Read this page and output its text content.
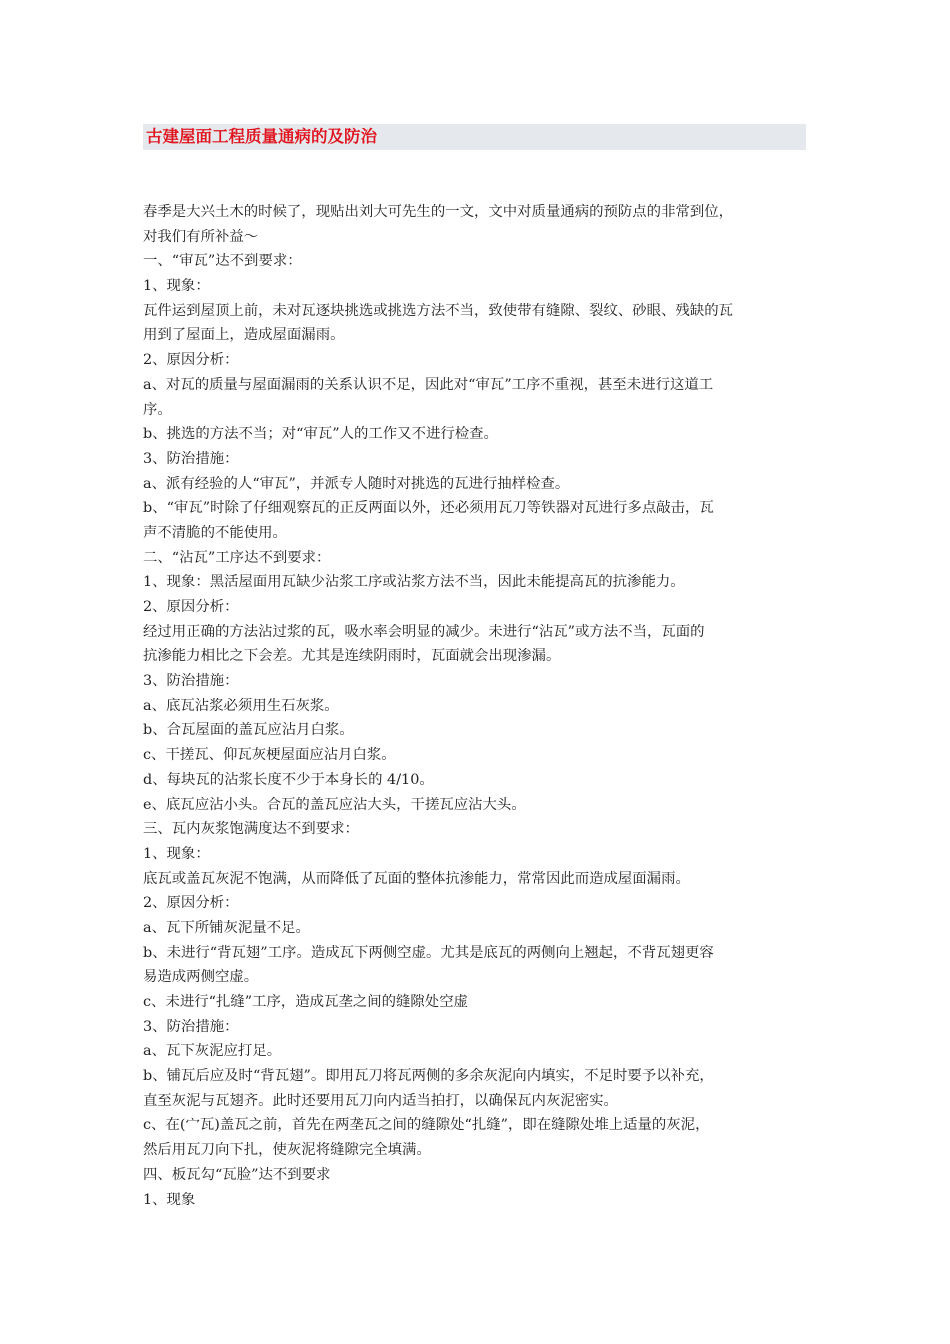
古建屋面工程质量通病的及防治
春季是大兴土木的时候了，现贴出刘大可先生的一文，文中对质量通病的预防点的非常到位，
对我们有所补益～
一、“审瓦”达不到要求：
1、现象：
瓦件运到屋顶上前，未对瓦逐块挑选或挑选方法不当，致使带有缝隙、裂纹、砂眼、残缺的瓦
用到了屋面上，造成屋面漏雨。
2、原因分析：
a、对瓦的质量与屋面漏雨的关系认识不足，因此对“审瓦”工序不重视，甚至未进行这道工
序。
b、挑选的方法不当；对“审瓦”人的工作又不进行检查。
3、防治措施：
a、派有经验的人“审瓦”，并派专人随时对挑选的瓦进行抽样检查。
b、“审瓦”时除了仔细观察瓦的正反两面以外，还必须用瓦刀等铁器对瓦进行多点敲击，瓦
声不清脆的不能使用。
二、“沾瓦”工序达不到要求：
1、现象：黑活屋面用瓦缺少沾浆工序或沾浆方法不当，因此未能提高瓦的抗渗能力。
2、原因分析：
经过用正确的方法沾过浆的瓦，吸水率会明显的减少。未进行“沾瓦”或方法不当，瓦面的
抗渗能力相比之下会差。尤其是连续阴雨时，瓦面就会出现渗漏。
3、防治措施：
a、底瓦沾浆必须用生石灰浆。
b、合瓦屋面的盖瓦应沾月白浆。
c、干搓瓦、仰瓦灰梗屋面应沾月白浆。
d、每块瓦的沾浆长度不少于本身长的 4/10。
e、底瓦应沾小头。合瓦的盖瓦应沾大头，干搓瓦应沾大头。
三、瓦内灰浆饱满度达不到要求：
1、现象：
底瓦或盖瓦灰泥不饱满，从而降低了瓦面的整体抗渗能力，常常因此而造成屋面漏雨。
2、原因分析：
a、瓦下所铺灰泥量不足。
b、未进行“背瓦翅”工序。造成瓦下两侧空虚。尤其是底瓦的两侧向上翘起，不背瓦翅更容
易造成两侧空虚。
c、未进行“扎缝”工序，造成瓦垄之间的缝隙处空虚
3、防治措施：
a、瓦下灰泥应打足。
b、铺瓦后应及时“背瓦翅”。即用瓦刀将瓦两侧的多余灰泥向内填实，不足时要予以补充，
直至灰泥与瓦翅齐。此时还要用瓦刀向内适当拍打，以确保瓦内灰泥密实。
c、在(宀瓦)盖瓦之前，首先在两垄瓦之间的缝隙处“扎缝”，即在缝隙处堆上适量的灰泥，
然后用瓦刀向下扎，使灰泥将缝隙完全填满。
四、板瓦勾“瓦脸”达不到要求
1、现象
